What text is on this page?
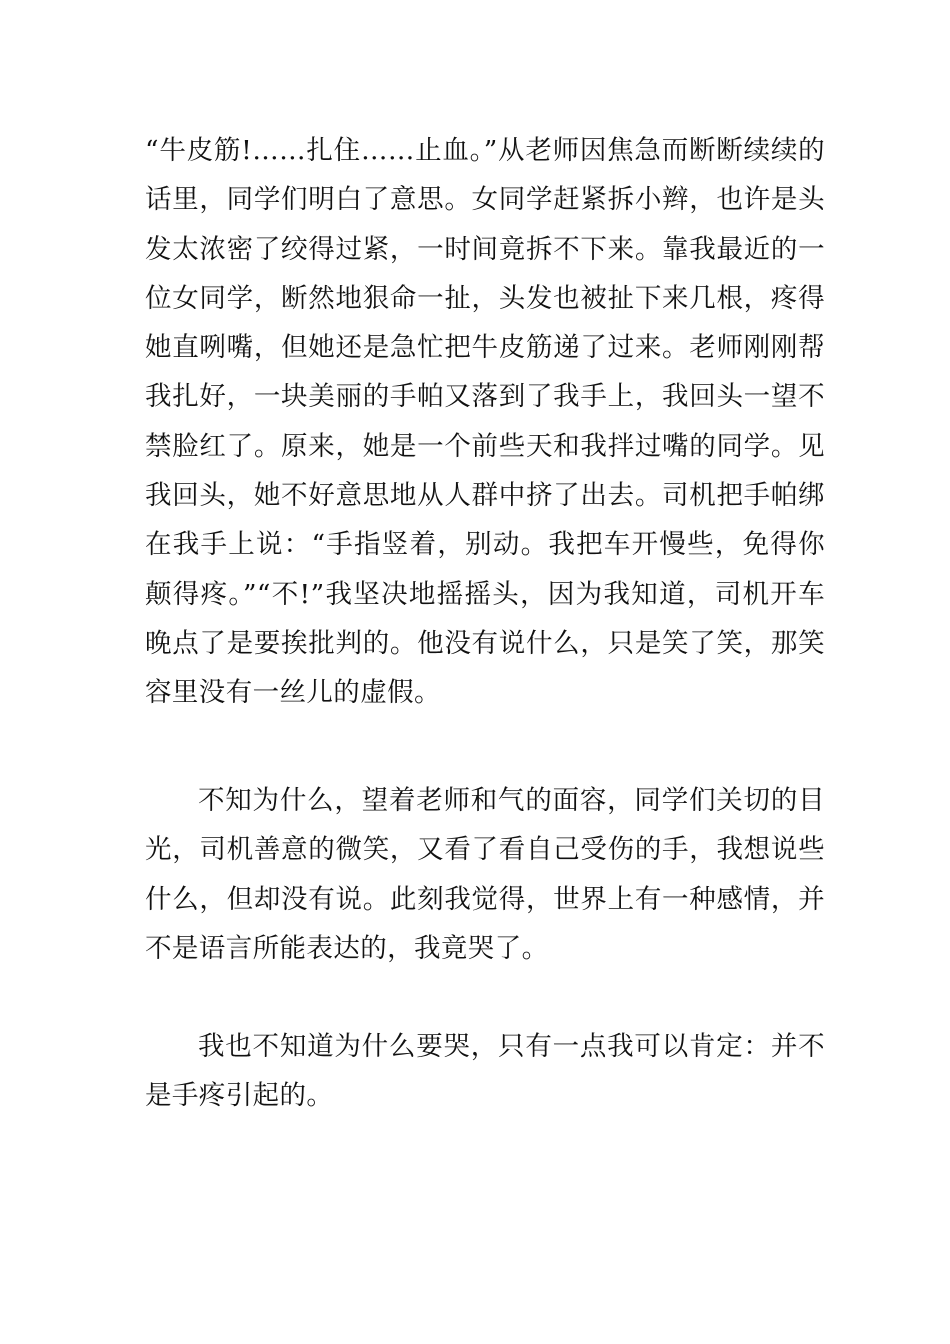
“牛皮筋!……扎住……止血。”从老师因焦急而断断续续的话里，同学们明白了意思。女同学赶紧拆小辫，也许是头发太浓密了绞得过紧，一时间竟拆不下来。靠我最近的一位女同学，断然地狠命一扯，头发也被扯下来几根，疼得她直咧嘴，但她还是急忙把牛皮筋递了过来。老师刚刚帮我扎好，一块美丽的手帕又落到了我手上，我回头一望不禁脸红了。原来，她是一个前些天和我拌过嘴的同学。见我回头，她不好意思地从人群中挤了出去。司机把手帕绑在我手上说：“手指竖着，别动。我把车开慢些，免得你颠得疼。”“不!”我坚决地摇摇头，因为我知道，司机开车晚点了是要挨批判的。他没有说什么，只是笑了笑，那笑容里没有一丝儿的虚假。

不知为什么，望着老师和气的面容，同学们关切的目光，司机善意的微笑，又看了看自己受伤的手，我想说些什么，但却没有说。此刻我觉得，世界上有一种感情，并不是语言所能表达的，我竟哭了。

我也不知道为什么要哭，只有一点我可以肯定：并不是手疼引起的。
